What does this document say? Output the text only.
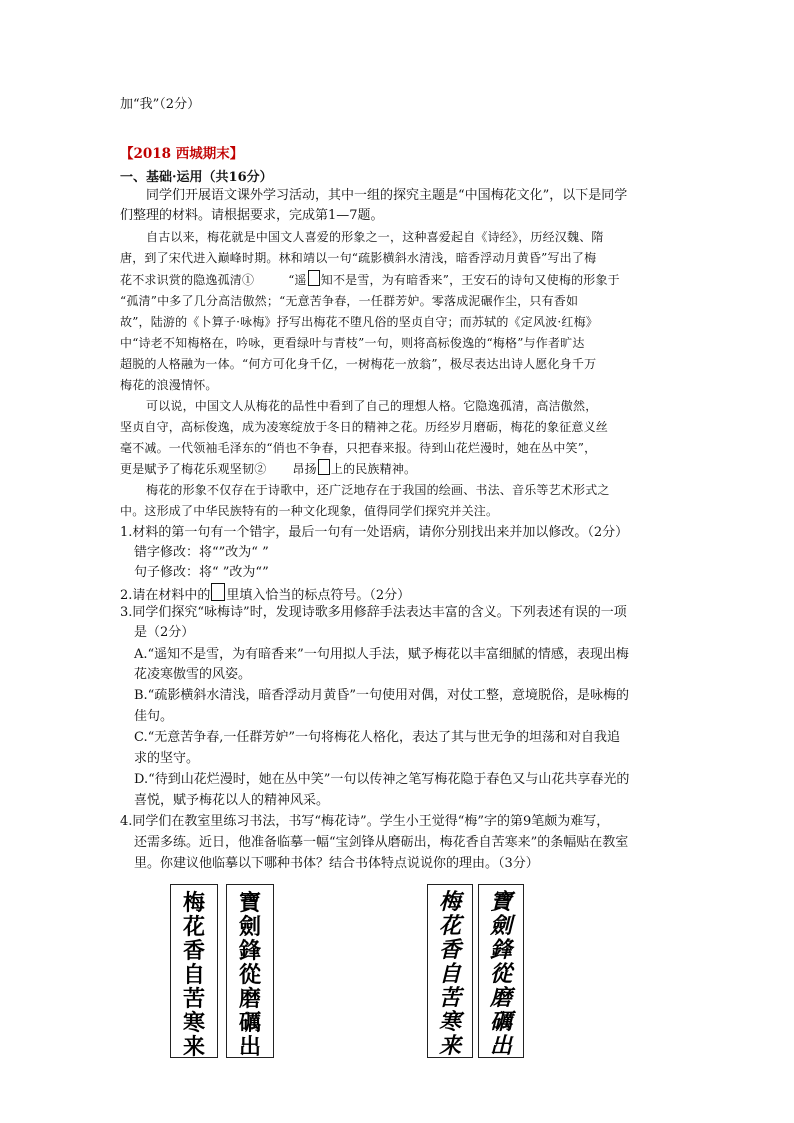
加“我”（2分）
【2018 西城期末】
一、基础·运用（共16分）
同学们开展语文课外学习活动，其中一组的探究主题是“中国梅花文化”，以下是同学
们整理的材料。请根据要求，完成第1—7题。
自古以来，梅花就是中国文人喜爱的形象之一，这种喜爱起自《诗经》，历经汉魏、隋
唐，到了宋代进入巅峰时期。林和靖以一句“疏影横斜水清浅，暗香浮动月黄昏”写出了梅
花不求识赏的隐逸孤清①	“遥 知不是雪，为有暗香来”，王安石的诗句又使梅的形象于
“孤清”中多了几分高洁傲然；“无意苦争春，一任群芳妒。零落成泥碾作尘，只有香如
故”，陆游的《卜算子·咏梅》抒写出梅花不堕凡俗的坚贞自守；而苏轼的《定风波·红梅》
中“诗老不知梅格在，吟咏，更看绿叶与青枝”一句，则将高标俊逸的“梅格”与作者旷达
超脱的人格融为一体。“何方可化身千亿，一树梅花一放翁”，极尽表达出诗人愿化身千万
梅花的浪漫情怀。
可以说，中国文人从梅花的品性中看到了自己的理想人格。它隐逸孤清，高洁傲然，
坚贞自守，高标俊逸，成为凌寒绽放于冬日的精神之花。历经岁月磨砺，梅花的象征意义丝
毫不减。一代领袖毛泽东的“俏也不争春，只把春来报。待到山花烂漫时，她在丛中笑”，
更是赋予了梅花乐观坚韧② 昂扬 上的民族精神。
梅花的形象不仅存在于诗歌中，还广泛地存在于我国的绘画、书法、音乐等艺术形式之
中。这形成了中华民族特有的一种文化现象，值得同学们探究并关注。
1.材料的第一句有一个错字，最后一句有一处语病，请你分别找出来并加以修改。（2分）
错字修改：将“”改为“ ”
句子修改：将“ ”改为“”
2.请在材料中的 里填入恰当的标点符号。（2分）
3.同学们探究“咏梅诗”时，发现诗歌多用修辞手法表达丰富的含义。下列表述有误的一项
是（2分）
A.“遥知不是雪，为有暗香来”一句用拟人手法，赋予梅花以丰富细腻的情感，表现出梅
花凌寒傲雪的风姿。
B.“疏影横斜水清浅，暗香浮动月黄昏”一句使用对偶，对仗工整，意境脱俗，是咏梅的
佳句。
C.“无意苦争春,一任群芳妒”一句将梅花人格化，表达了其与世无争的坦荡和对自我追
求的坚守。
D.“待到山花烂漫时，她在丛中笑”一句以传神之笔写梅花隐于春色又与山花共享春光的
喜悦，赋予梅花以人的精神风采。
4.同学们在教室里练习书法，书写“梅花诗”。学生小王觉得“梅”字的第9笔颇为难写，
还需多练。近日，他准备临摹一幅“宝剑锋从磨砺出，梅花香自苦寒来”的条幅贴在教室
里。你建议他临摹以下哪种书体？结合书体特点说说你的理由。（3分）
梅
花
香
自
苦
寒
来
寶
劍
鋒
從
磨
礪
出
梅
花
香
自
苦
寒
来
寶
劍
鋒
從
磨
礪
出
